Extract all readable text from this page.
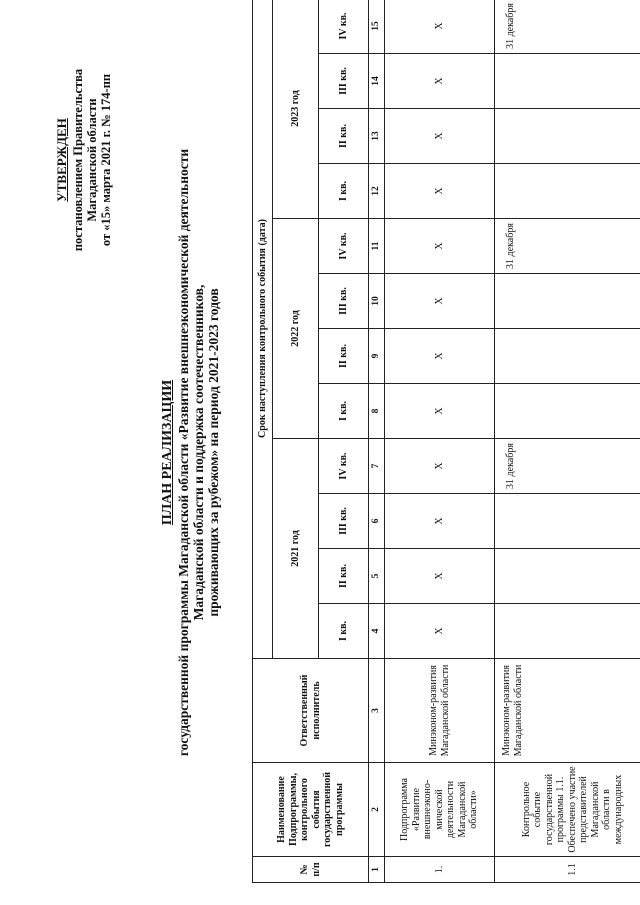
УТВЕРЖДЕН постановлением Правительства Магаданской области от «15» марта 2021 г. № 174-пп
ПЛАН РЕАЛИЗАЦИИ государственной программы Магаданской области «Развитие внешнеэкономической деятельности Магаданской области и поддержка соотечественников, проживающих за рубежом» на период 2021-2023 годов
№ п/п	Наименование Подпрограммы, контрольного события государственной программы	Ответственный исполнитель	Срок наступления контрольного события (дата)											
			2021 год				2022 год				2023 год			
			I кв.	II кв.	III кв.	IV кв.	I кв.	II кв.	III кв.	IV кв.	I кв.	II кв.	III кв.	IV кв.
1	2	3	4	5	6	7	8	9	10	11	12	13	14	15
1.	Подпрограмма «Развитие внешнеэконо-мической деятельности Магаданской области»	Минэконом-развития Магаданской области	X	X	X	X	X	X	X	X	X	X	X	X
1.1	Контрольное событие государственной программы 1.1. Обеспечено участие представителей Магаданской области в международных	Минэконом-развития Магаданской области				31 декабря				31 декабря				31 декабря
